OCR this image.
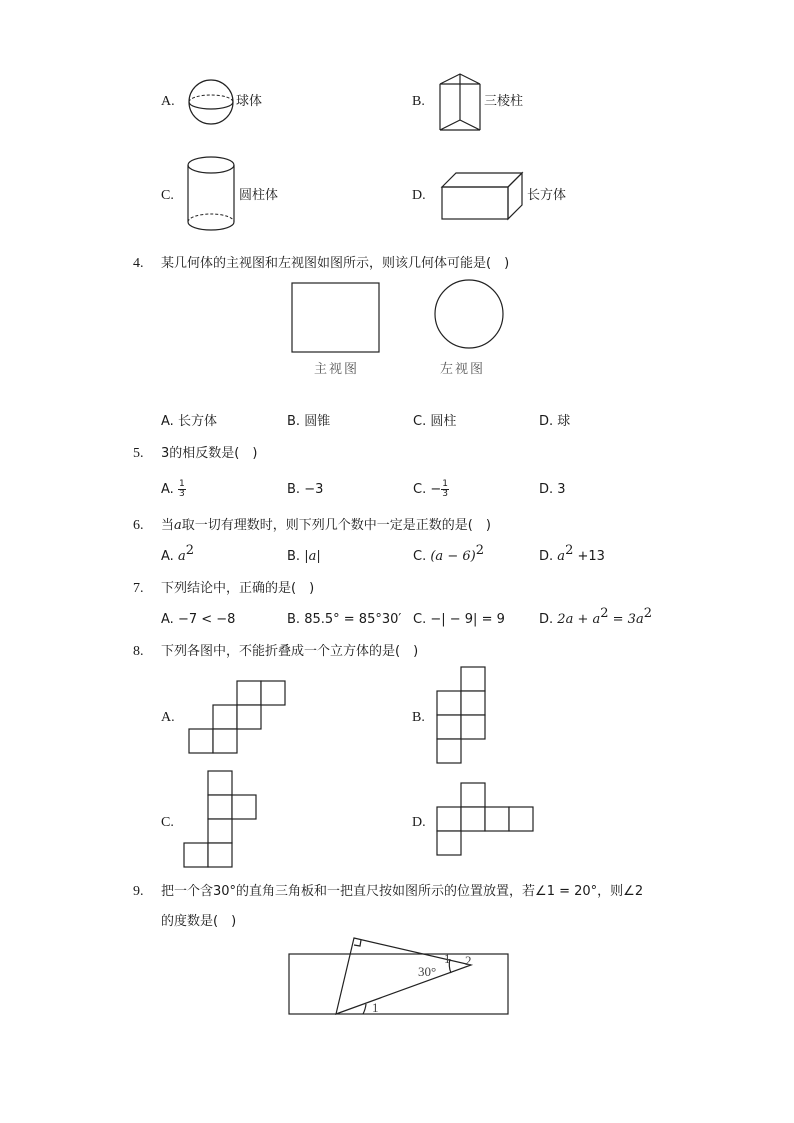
A.	球体	B.	三棱柱
C.	圆柱体	D.	长方体
4. 某几何体的主视图和左视图如图所示，则该几何体可能是(　)
主视图	左视图
A. 长方体	B. 圆锥	C. 圆柱	D. 球
5. 3的相反数是(　)
A. $\frac{1}{3}$	B. −3	C. − $\frac{1}{3}$	D. 3
6. 当a取一切有理数时，则下列几个数中一定是正数的是(　)
A. $a^2$	B. |a|	C. $(a - 6)^2$	D. $a^2 +13$
7. 下列结论中，正确的是(　)
A. −7 < −8	B. 85.5° = 85°30′ C. −| − 9| = 9	D. $2a + a^2 = 3a^2$
8. 下列各图中，不能折叠成一个立方体的是(　)
A.	B.
C.	D.
9. 把一个含30°的直角三角板和一把直尺按如图所示的位置放置，若∠1 = 20°，则∠2
的度数是(　)
30°
1 2
1
